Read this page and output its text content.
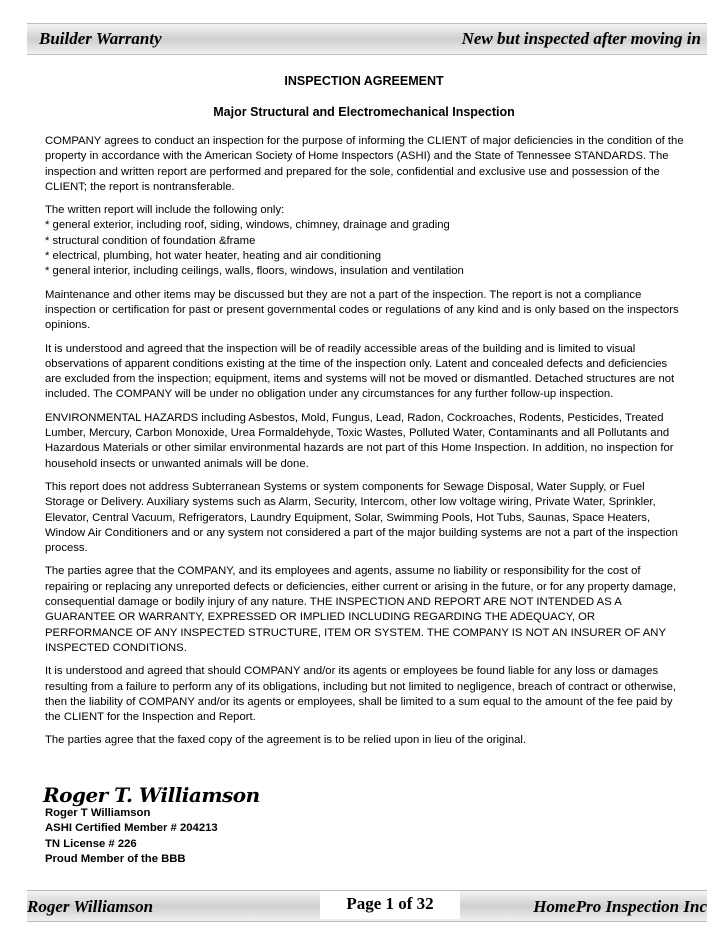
Builder Warranty	New but inspected after moving in
INSPECTION AGREEMENT
Major Structural and Electromechanical Inspection

COMPANY agrees to conduct an inspection for the purpose of informing the CLIENT of major deficiencies in the condition of the property in accordance with the American Society of Home Inspectors (ASHI) and the State of Tennessee STANDARDS. The inspection and written report are performed and prepared for the sole, confidential and exclusive use and possession of the CLIENT; the report is nontransferable.

The written report will include the following only:
* general exterior, including roof, siding, windows, chimney, drainage and grading
* structural condition of foundation &frame
* electrical, plumbing, hot water heater, heating and air conditioning
* general interior, including ceilings, walls, floors, windows, insulation and ventilation

Maintenance and other items may be discussed but they are not a part of the inspection. The report is not a compliance inspection or certification for past or present governmental codes or regulations of any kind and is only based on the inspectors opinions.

It is understood and agreed that the inspection will be of readily accessible areas of the building and is limited to visual observations of apparent conditions existing at the time of the inspection only. Latent and concealed defects and deficiencies are excluded from the inspection; equipment, items and systems will not be moved or dismantled. Detached structures are not included. The COMPANY will be under no obligation under any circumstances for any further follow-up inspection.

ENVIRONMENTAL HAZARDS including Asbestos, Mold, Fungus, Lead, Radon, Cockroaches, Rodents, Pesticides, Treated Lumber, Mercury, Carbon Monoxide, Urea Formaldehyde, Toxic Wastes, Polluted Water, Contaminants and all Pollutants and Hazardous Materials or other similar environmental hazards are not part of this Home Inspection. In addition, no inspection for household insects or unwanted animals will be done.

This report does not address Subterranean Systems or system components for Sewage Disposal, Water Supply, or Fuel Storage or Delivery. Auxiliary systems such as Alarm, Security, Intercom, other low voltage wiring, Private Water, Sprinkler, Elevator, Central Vacuum, Refrigerators, Laundry Equipment, Solar, Swimming Pools, Hot Tubs, Saunas, Space Heaters, Window Air Conditioners and or any system not considered a part of the major building systems are not a part of the inspection process.

The parties agree that the COMPANY, and its employees and agents, assume no liability or responsibility for the cost of repairing or replacing any unreported defects or deficiencies, either current or arising in the future, or for any property damage, consequential damage or bodily injury of any nature. THE INSPECTION AND REPORT ARE NOT INTENDED AS A GUARANTEE OR WARRANTY, EXPRESSED OR IMPLIED INCLUDING REGARDING THE ADEQUACY, OR PERFORMANCE OF ANY INSPECTED STRUCTURE, ITEM OR SYSTEM. THE COMPANY IS NOT AN INSURER OF ANY INSPECTED CONDITIONS.

It is understood and agreed that should COMPANY and/or its agents or employees be found liable for any loss or damages resulting from a failure to perform any of its obligations, including but not limited to negligence, breach of contract or otherwise, then the liability of COMPANY and/or its agents or employees, shall be limited to a sum equal to the amount of the fee paid by the CLIENT for the Inspection and Report.

The parties agree that the faxed copy of the agreement is to be relied upon in lieu of the original.

Roger T. Williamson
Roger T Williamson
ASHI Certified Member # 204213
TN License # 226
Proud Member of the BBB
Roger Williamson	Page 1 of 32	HomePro Inspection Inc
